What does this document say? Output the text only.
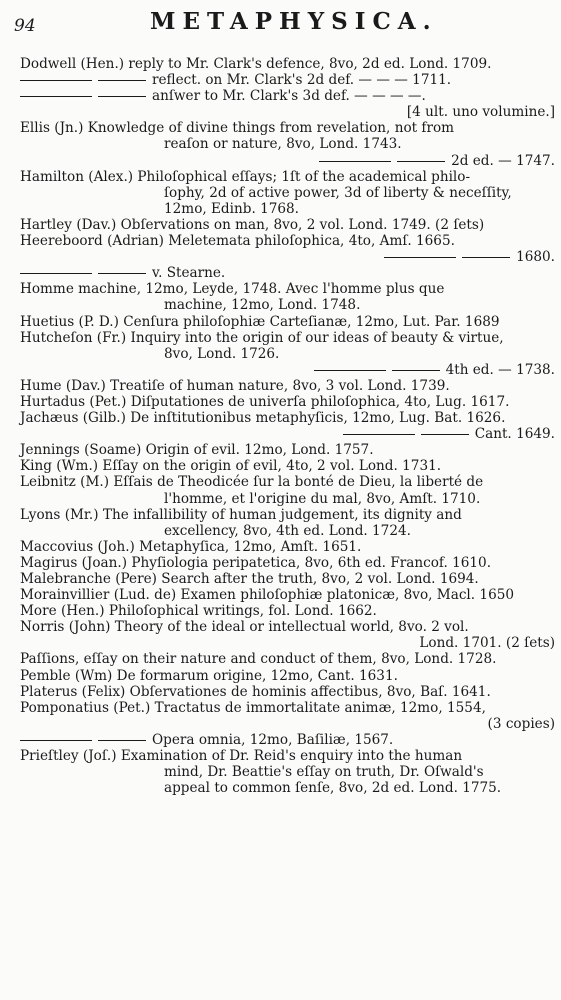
94	METAPHYSICA.
Dodwell (Hen.) reply to Mr. Clark's defence, 8vo, 2d ed. Lond. 1709.
reflect. on Mr. Clark's 2d def. — — — 1711.
anſwer to Mr. Clark's 3d def. — — — —.
[4 ult. uno volumine.]
Ellis (Jn.) Knowledge of divine things from revelation, not from
reaſon or nature, 8vo, Lond. 1743.
2d ed. — 1747.
Hamilton (Alex.) Philoſophical eſſays; 1ſt of the academical philo-
ſophy, 2d of active power, 3d of liberty & neceſſity,
12mo, Edinb. 1768.
Hartley (Dav.) Obſervations on man, 8vo, 2 vol. Lond. 1749. (2 ſets)
Heereboord (Adrian) Meletemata philoſophica, 4to, Amſ. 1665.
1680.
v. Stearne.
Homme machine, 12mo, Leyde, 1748. Avec l'homme plus que
machine, 12mo, Lond. 1748.
Huetius (P. D.) Cenſura philoſophiæ Carteſianæ, 12mo, Lut. Par. 1689
Hutcheſon (Fr.) Inquiry into the origin of our ideas of beauty & virtue,
8vo, Lond. 1726.
4th ed. — 1738.
Hume (Dav.) Treatiſe of human nature, 8vo, 3 vol. Lond. 1739.
Hurtadus (Pet.) Diſputationes de univerſa philoſophica, 4to, Lug. 1617.
Jachæus (Gilb.) De inſtitutionibus metaphyſicis, 12mo, Lug. Bat. 1626.
Cant. 1649.
Jennings (Soame) Origin of evil. 12mo, Lond. 1757.
King (Wm.) Eſſay on the origin of evil, 4to, 2 vol. Lond. 1731.
Leibnitz (M.) Eſſais de Theodicée ſur la bonté de Dieu, la liberté de
l'homme, et l'origine du mal, 8vo, Amſt. 1710.
Lyons (Mr.) The infallibility of human judgement, its dignity and
excellency, 8vo, 4th ed. Lond. 1724.
Maccovius (Joh.) Metaphyſica, 12mo, Amſt. 1651.
Magirus (Joan.) Phyſiologia peripatetica, 8vo, 6th ed. Francof. 1610.
Malebranche (Pere) Search after the truth, 8vo, 2 vol. Lond. 1694.
Morainvillier (Lud. de) Examen philoſophiæ platonicæ, 8vo, Macl. 1650
More (Hen.) Philoſophical writings, fol. Lond. 1662.
Norris (John) Theory of the ideal or intellectual world, 8vo. 2 vol.
Lond. 1701. (2 ſets)
Paſſions, eſſay on their nature and conduct of them, 8vo, Lond. 1728.
Pemble (Wm) De formarum origine, 12mo, Cant. 1631.
Platerus (Felix) Obſervationes de hominis affectibus, 8vo, Baſ. 1641.
Pomponatius (Pet.) Tractatus de immortalitate animæ, 12mo, 1554,
(3 copies)
Opera omnia, 12mo, Baſiliæ, 1567.
Prieſtley (Joſ.) Examination of Dr. Reid's enquiry into the human
mind, Dr. Beattie's eſſay on truth, Dr. Oſwald's
appeal to common ſenſe, 8vo, 2d ed. Lond. 1775.
